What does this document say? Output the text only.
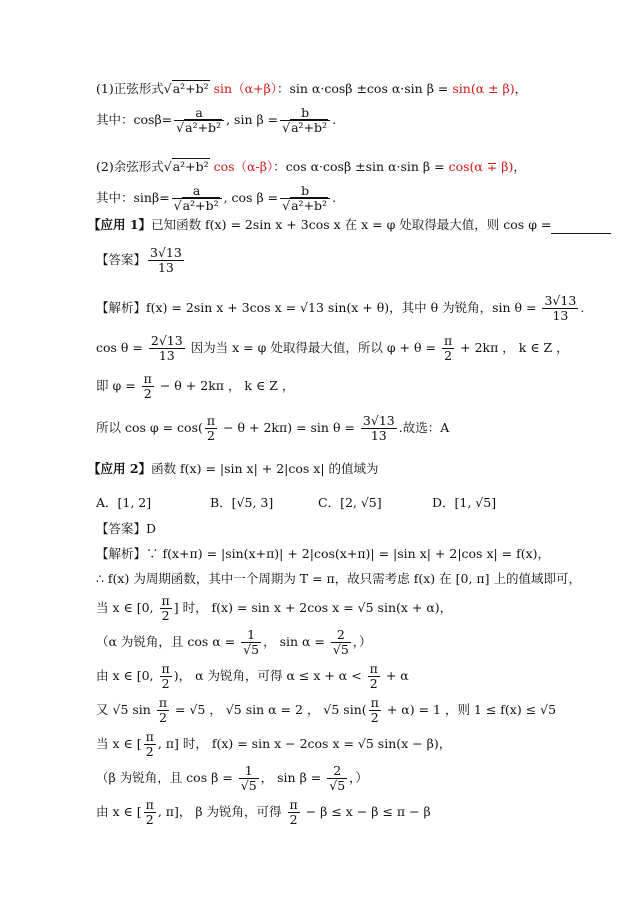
(1)正弦形式√a²+b² sin（α+β）：sin α·cosβ ±cos α·sin β = sin(α ± β)，
其中：$\cos\beta= \frac{a}{\text{√a²+b²}}$ , $\sin \beta = \frac{b}{\text{√a²+b²}}$ .
(2)余弦形式√a²+b² cos（α-β）：cos α·cosβ ±sin α·sin β = cos(α ∓ β)，
其中：$\sin\beta= \frac{a}{\text{√a²+b²}}$ , $\cos \beta = \frac{b}{\text{√a²+b²}}$ .
【应用 1】已知函数 f(x) = 2sin x + 3cos x 在 x = φ 处取得最大值，则 cos φ =
【答案】 $\frac{3√13}{13}$
【解析】f(x) = 2sin x + 3cos x = √13 sin(x + θ)，其中 θ 为锐角，$\sin \theta = \frac{3√13}{13}$ .
$\cos \theta = \frac{2√13}{13}$ 因为当 x = φ 处取得最大值，所以 $\varphi + \theta = \frac{\pi}{2} + 2k\pi$ ， k ∈ Z ，
即 $\varphi = \frac{\pi}{2} - \theta + 2k\pi$ ， k ∈ Z ，
所以 $\cos \varphi = \cos( \frac{\pi}{2} - \theta + 2k\pi) = \sin \theta = \frac{3√13}{13}$ .故选：A
【应用 2】函数 f(x) = |sin x| + 2|cos x| 的值域为
A．[1, 2]	B．[√5, 3]	C．[2, √5]	D．[1, √5]
【答案】D
【解析】∵ f(x+π) = |sin(x+π)| + 2|cos(x+π)| = |sin x| + 2|cos x| = f(x)，
∴ f(x) 为周期函数，其中一个周期为 T = π，故只需考虑 f(x) 在 [0, π] 上的值域即可，
当 x ∈ [0, $\frac{\pi}{2}$ ] 时， f(x) = sin x + 2cos x = √5 sin(x + α)，
（α 为锐角，且 $\cos \alpha = \frac{1}{√5}$ ， $\sin \alpha = \frac{2}{√5}$ ，）
由 x ∈ [0, $\frac{\pi}{2}$ )， α 为锐角，可得 $\alpha \le x + \alpha < \frac{\pi}{2} + \alpha$
又 √5 $\sin \frac{\pi}{2} = √5$ ， √5 sin α = 2 ， √5 $\sin( \frac{\pi}{2} + \alpha) = 1$ ，则 1 ≤ f(x) ≤ √5
当 x ∈ [ $\frac{\pi}{2}$ , π] 时， f(x) = sin x − 2cos x = √5 sin(x − β)，
（β 为锐角，且 $\cos \beta = \frac{1}{√5}$ ， $\sin \beta = \frac{2}{√5}$ ，）
由 x ∈ [ $\frac{\pi}{2}$ , π]， β 为锐角，可得 $\frac{\pi}{2} - \beta \le x - \beta \le \pi - \beta$
